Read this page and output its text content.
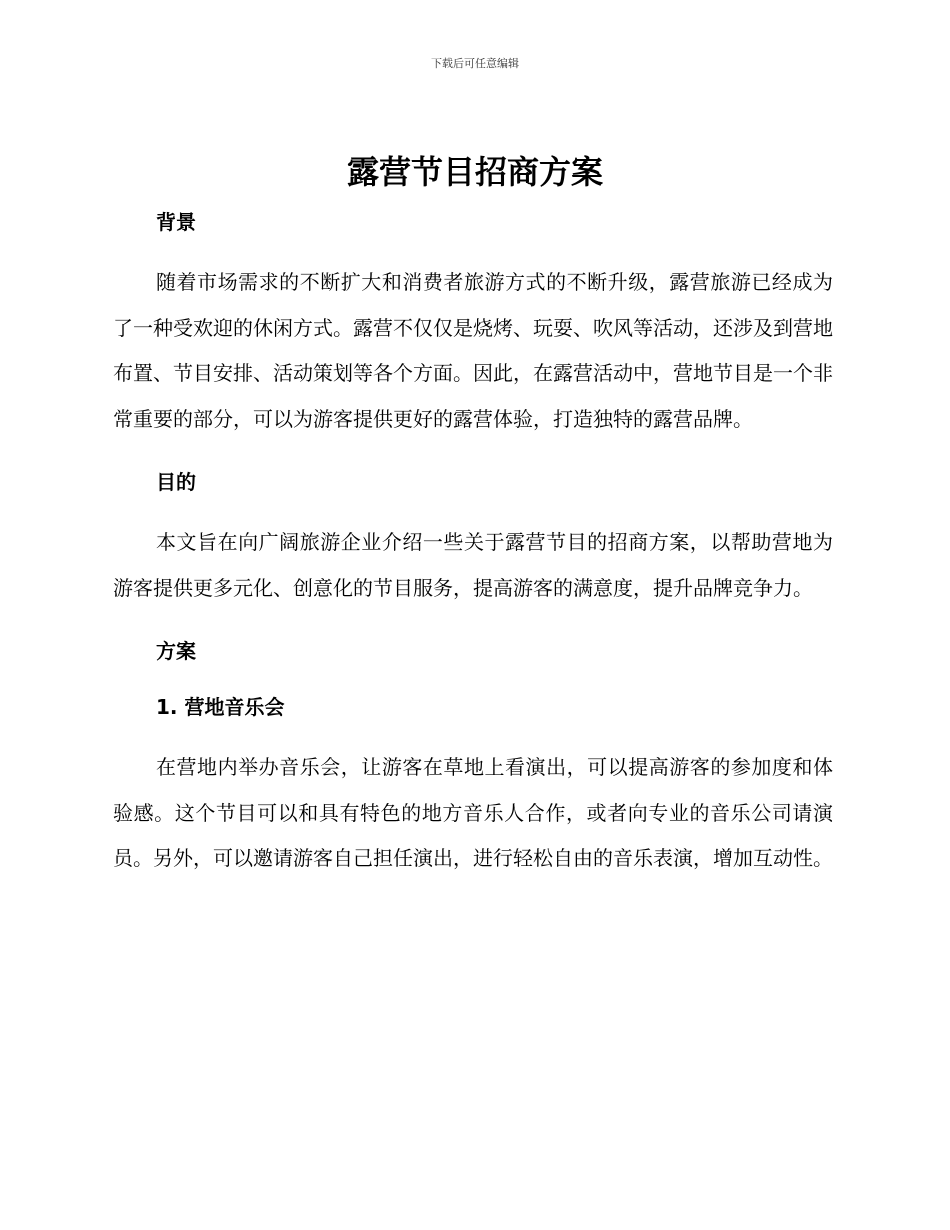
下载后可任意编辑
露营节目招商方案
背景

随着市场需求的不断扩大和消费者旅游方式的不断升级，露营旅游已经成为了一种受欢迎的休闲方式。露营不仅仅是烧烤、玩耍、吹风等活动，还涉及到营地布置、节目安排、活动策划等各个方面。因此，在露营活动中，营地节目是一个非常重要的部分，可以为游客提供更好的露营体验，打造独特的露营品牌。

目的

本文旨在向广阔旅游企业介绍一些关于露营节目的招商方案，以帮助营地为游客提供更多元化、创意化的节目服务，提高游客的满意度，提升品牌竞争力。

方案
1. 营地音乐会

在营地内举办音乐会，让游客在草地上看演出，可以提高游客的参加度和体验感。这个节目可以和具有特色的地方音乐人合作，或者向专业的音乐公司请演员。另外，可以邀请游客自己担任演出，进行轻松自由的音乐表演，增加互动性。
